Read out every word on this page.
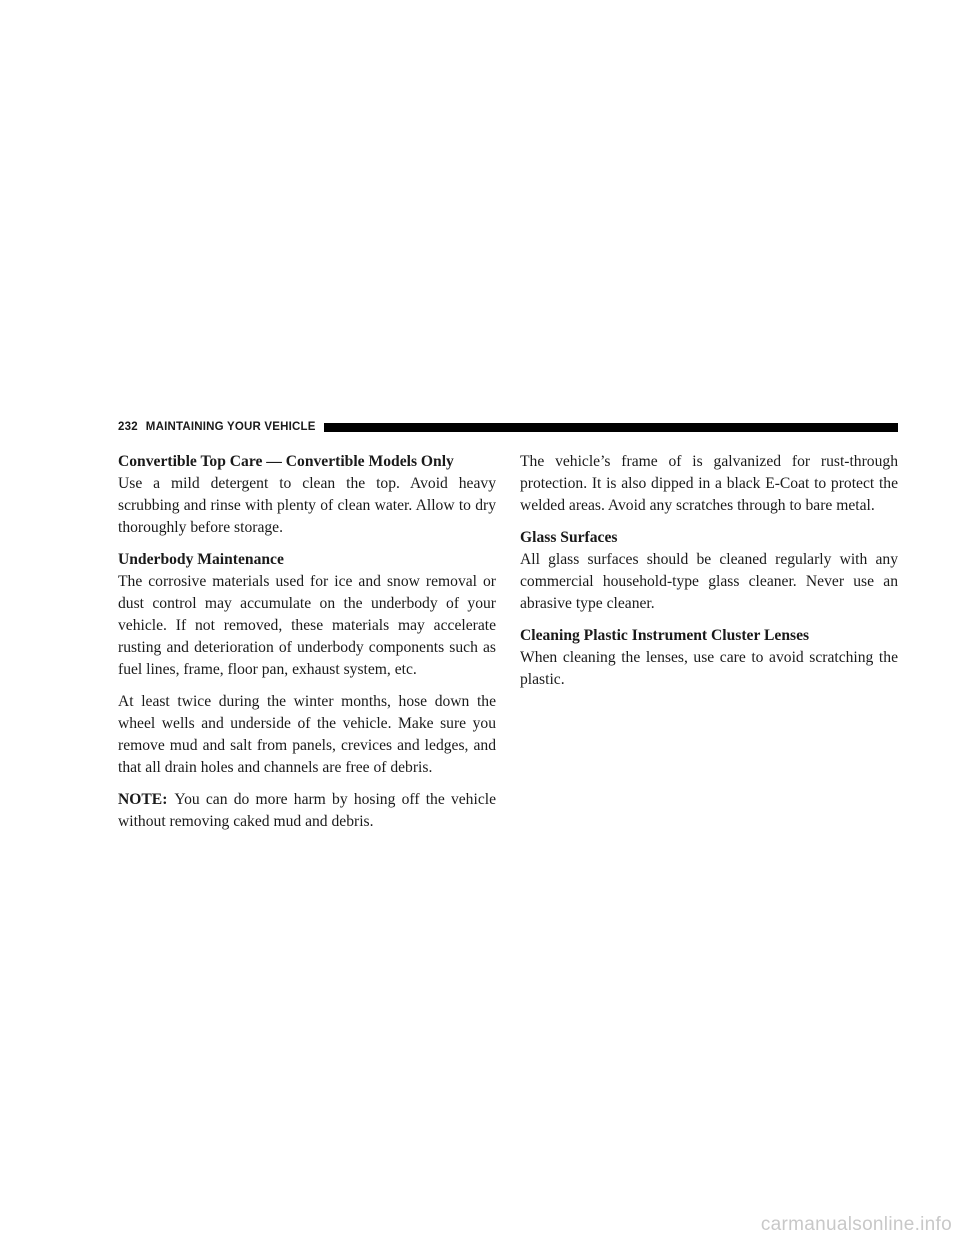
232 MAINTAINING YOUR VEHICLE

Convertible Top Care — Convertible Models Only

Use a mild detergent to clean the top. Avoid heavy scrubbing and rinse with plenty of clean water. Allow to dry thoroughly before storage.

Underbody Maintenance

The corrosive materials used for ice and snow removal or dust control may accumulate on the underbody of your vehicle. If not removed, these materials may accelerate rusting and deterioration of underbody components such as fuel lines, frame, floor pan, exhaust system, etc.

At least twice during the winter months, hose down the wheel wells and underside of the vehicle. Make sure you remove mud and salt from panels, crevices and ledges, and that all drain holes and channels are free of debris.

NOTE: You can do more harm by hosing off the vehicle without removing caked mud and debris.

The vehicle’s frame of is galvanized for rust-through protection. It is also dipped in a black E-Coat to protect the welded areas. Avoid any scratches through to bare metal.

Glass Surfaces

All glass surfaces should be cleaned regularly with any commercial household-type glass cleaner. Never use an abrasive type cleaner.

Cleaning Plastic Instrument Cluster Lenses

When cleaning the lenses, use care to avoid scratching the plastic.

carmanualsonline.info
